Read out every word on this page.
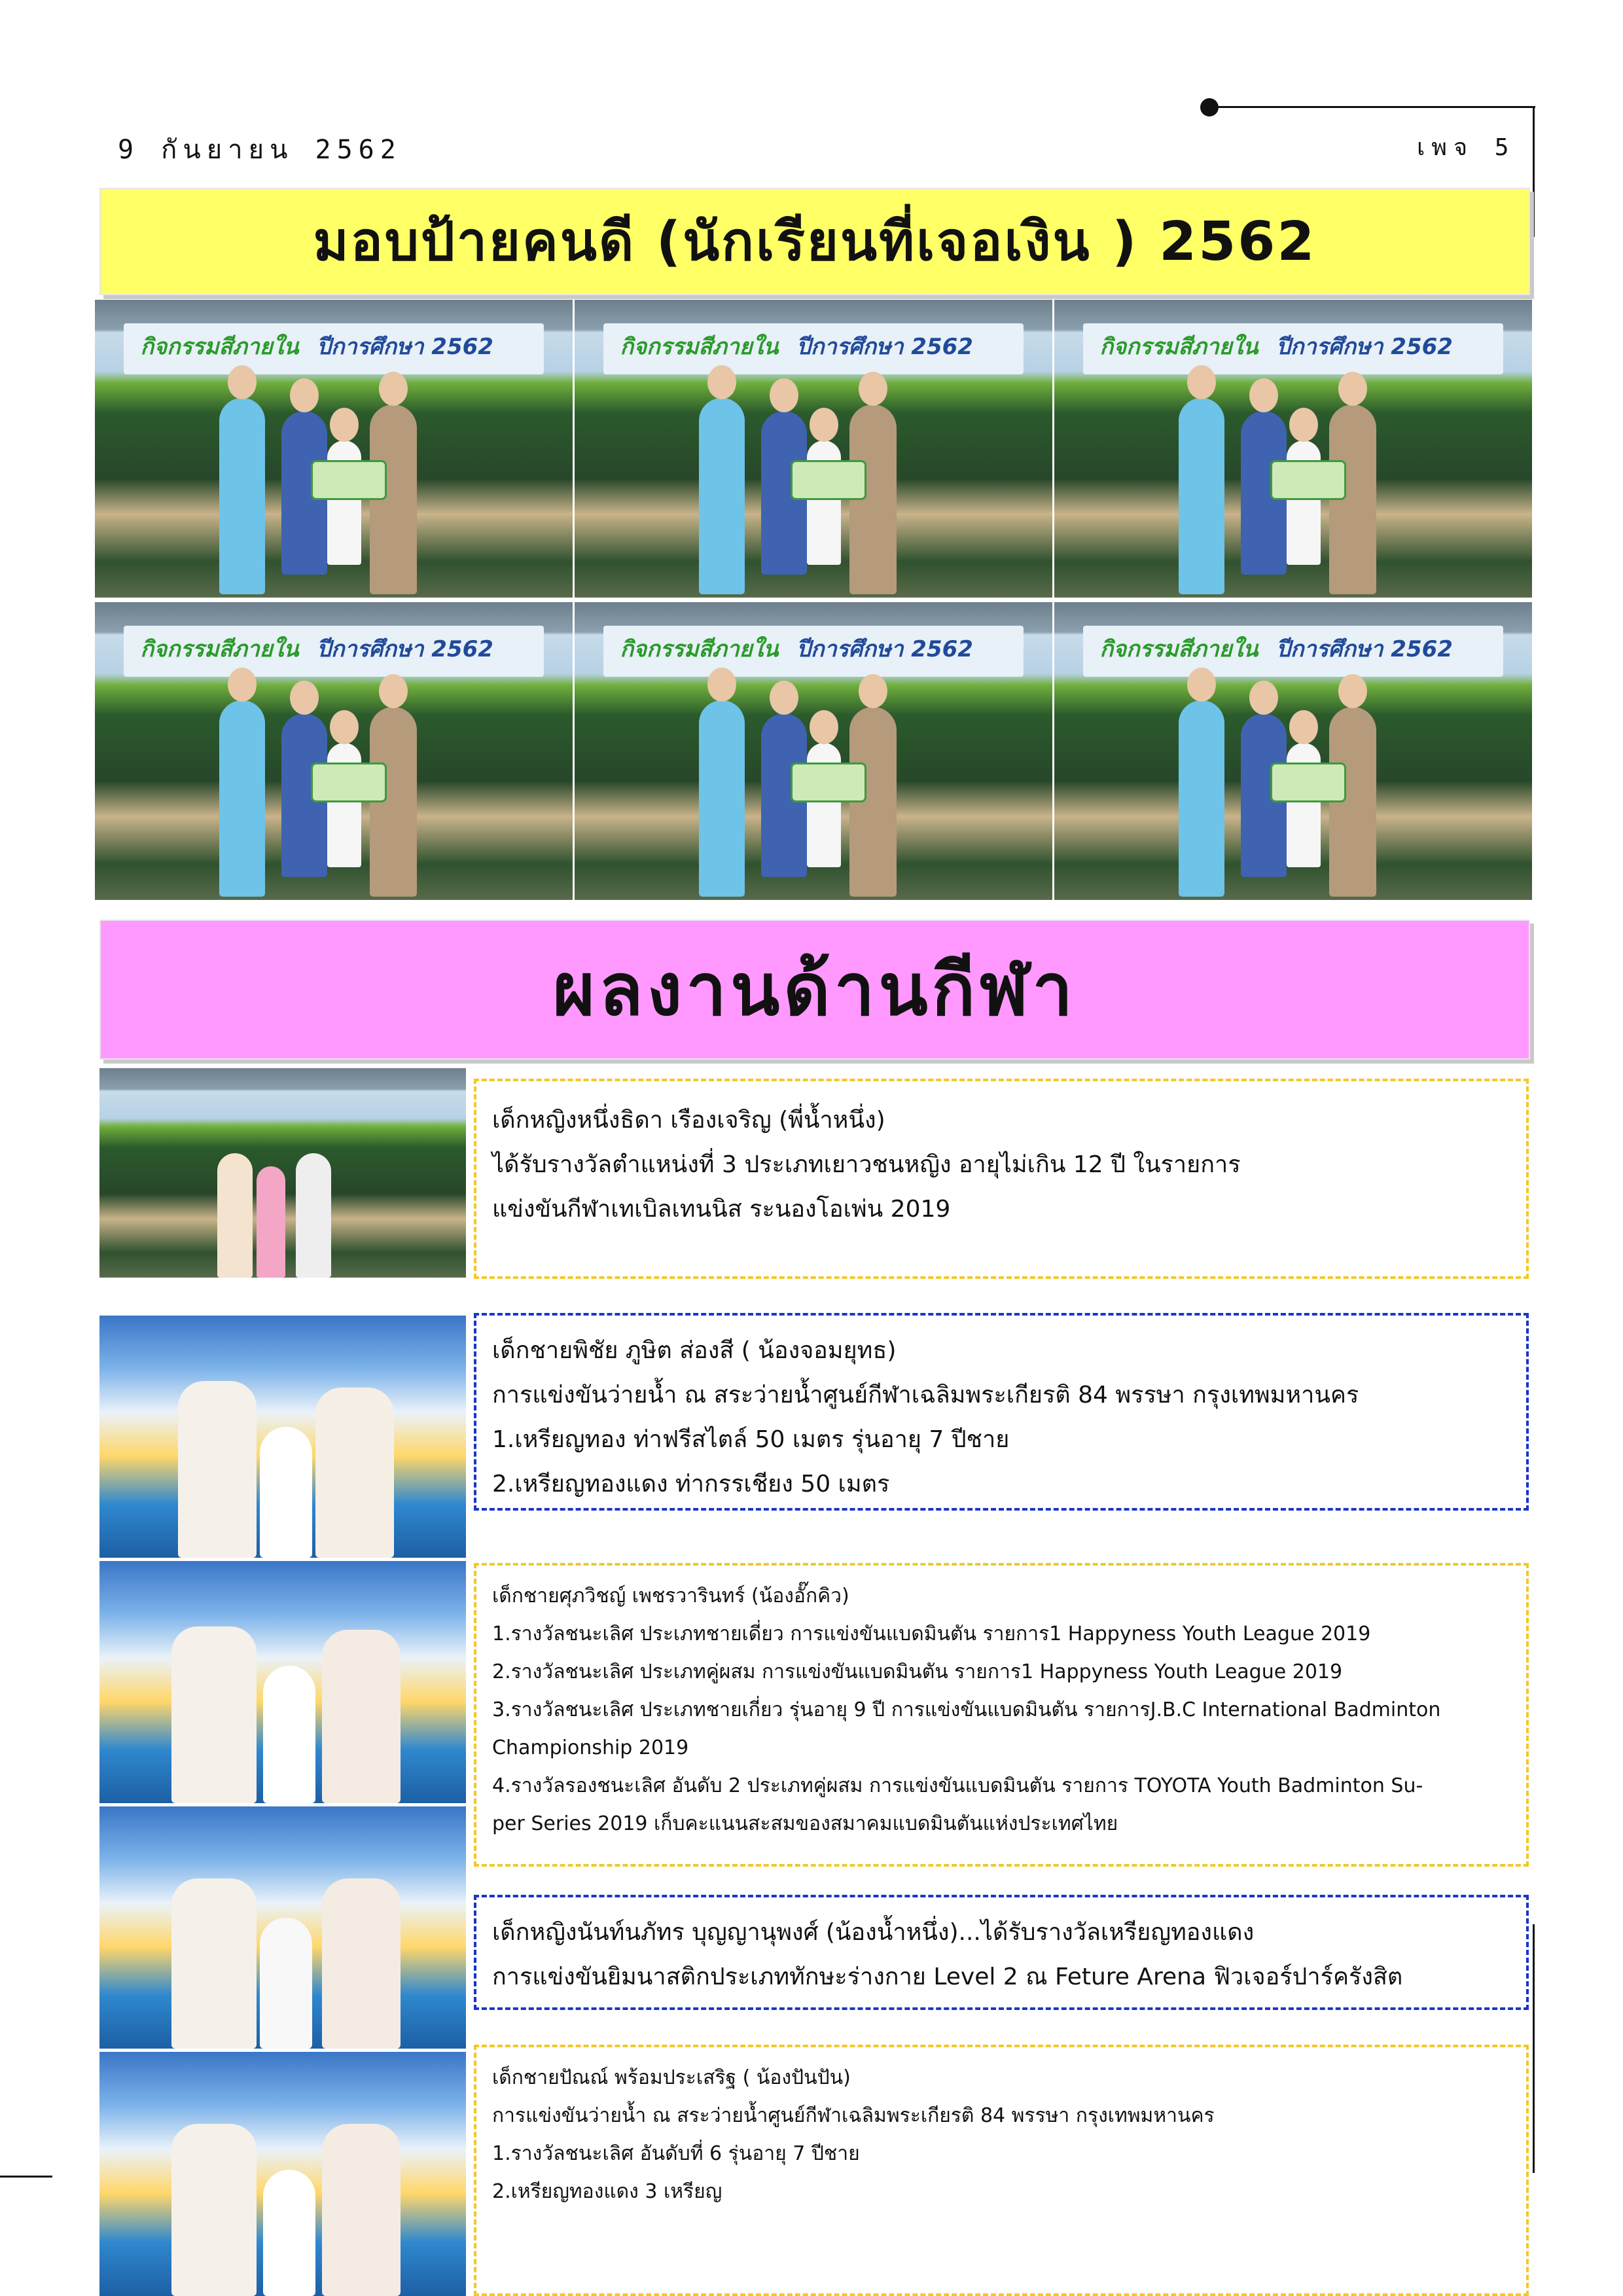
9 กันยายน 2562	เพจ 5
มอบป้ายคนดี (นักเรียนที่เจอเงิน ) 2562
กิจกรรมสีภายใน ปีการศึกษา 2562	กิจกรรมสีภายใน ปีการศึกษา 2562	กิจกรรมสีภายใน ปีการศึกษา 2562
กิจกรรมสีภายใน ปีการศึกษา 2562	กิจกรรมสีภายใน ปีการศึกษา 2562	กิจกรรมสีภายใน ปีการศึกษา 2562
ผลงานด้านกีฬา
เด็กหญิงหนึ่งธิดา เรืองเจริญ (พี่น้ำหนึ่ง)
ได้รับรางวัลตำแหน่งที่ 3 ประเภทเยาวชนหญิง อายุไม่เกิน 12 ปี ในรายการ
แข่งขันกีฬาเทเบิลเทนนิส ระนองโอเพ่น 2019
เด็กชายพิชัย ภูษิต ส่องสี ( น้องจอมยุทธ)
การแข่งขันว่ายน้ำ ณ สระว่ายน้ำศูนย์กีฬาเฉลิมพระเกียรติ 84 พรรษา กรุงเทพมหานคร
1.เหรียญทอง ท่าฟรีสไตล์ 50 เมตร รุ่นอายุ 7 ปีชาย
2.เหรียญทองแดง ท่ากรรเชียง 50 เมตร
เด็กชายศุภวิชญ์ เพชรวารินทร์ (น้องอั๊กคิว)
1.รางวัลชนะเลิศ ประเภทชายเดี่ยว การแข่งขันแบดมินตัน รายการ1 Happyness Youth League 2019
2.รางวัลชนะเลิศ ประเภทคู่ผสม การแข่งขันแบดมินตัน รายการ1 Happyness Youth League 2019
3.รางวัลชนะเลิศ ประเภทชายเกี่ยว รุ่นอายุ 9 ปี การแข่งขันแบดมินตัน รายการJ.B.C International Badminton
Championship 2019
4.รางวัลรองชนะเลิศ อันดับ 2 ประเภทคู่ผสม การแข่งขันแบดมินตัน รายการ TOYOTA Youth Badminton Su-
per Series 2019 เก็บคะแนนสะสมของสมาคมแบดมินตันแห่งประเทศไทย
เด็กหญิงนันท์นภัทร บุญญานุพงศ์ (น้องน้ำหนึ่ง)...ได้รับรางวัลเหรียญทองแดง
การแข่งขันยิมนาสติกประเภททักษะร่างกาย Level 2 ณ Feture Arena ฟิวเจอร์ปาร์ครังสิต
เด็กชายปัณณ์ พร้อมประเสริฐ ( น้องปันปัน)
การแข่งขันว่ายน้ำ ณ สระว่ายน้ำศูนย์กีฬาเฉลิมพระเกียรติ 84 พรรษา กรุงเทพมหานคร
1.รางวัลชนะเลิศ อันดับที่ 6 รุ่นอายุ 7 ปีชาย
2.เหรียญทองแดง 3 เหรียญ
